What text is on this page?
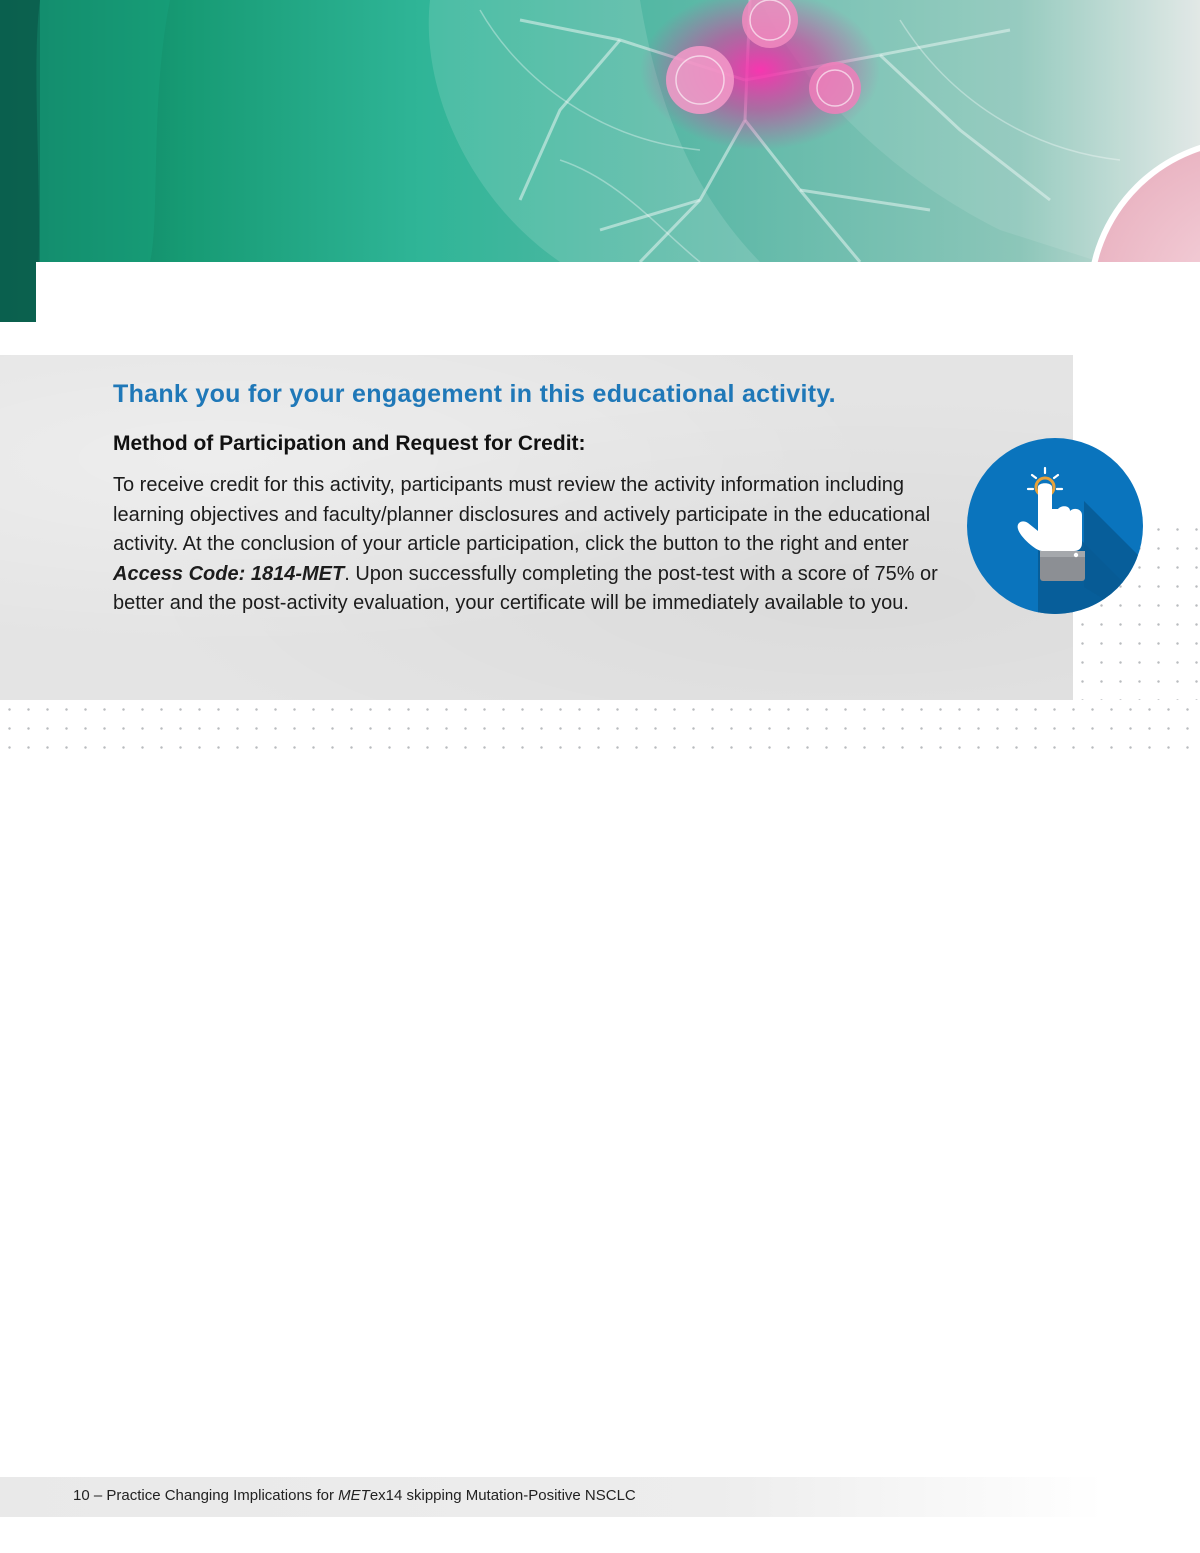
Thank you for your engagement in this educational activity.
Method of Participation and Request for Credit:

To receive credit for this activity, participants must review the activity information including learning objectives and faculty/planner disclosures and actively participate in the educational activity. At the conclusion of your article participation, click the button to the right and enter Access Code: 1814-MET. Upon successfully completing the post-test with a score of 75% or better and the post-activity evaluation, your certificate will be immediately available to you.

10 – Practice Changing Implications for METex14 skipping Mutation-Positive NSCLC
